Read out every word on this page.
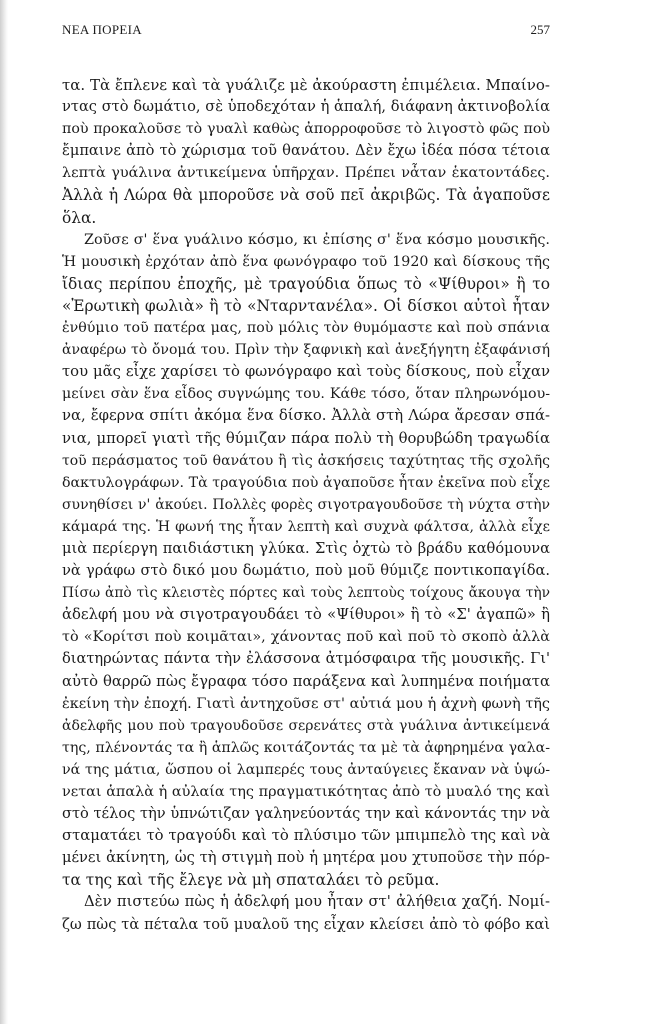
ΝΕΑ ΠΟΡΕΙΑ	257
τα. Τὰ ἔπλενε καὶ τὰ γυάλιζε μὲ ἀκούραστη ἐπιμέλεια. Μπαίνο-
ντας στὸ δωμάτιο, σὲ ὑποδεχόταν ἡ ἁπαλή, διάφανη ἀκτινοβολία
ποὺ προκαλοῦσε τὸ γυαλὶ καθὼς ἀπορροφοῦσε τὸ λιγοστὸ φῶς ποὺ
ἔμπαινε ἀπὸ τὸ χώρισμα τοῦ θανάτου. Δὲν ἔχω ἰδέα πόσα τέτοια
λεπτὰ γυάλινα ἀντικείμενα ὑπῆρχαν. Πρέπει νἆταν ἑκατοντάδες.
Ἀλλὰ ἡ Λώρα θὰ μποροῦσε νὰ σοῦ πεῖ ἀκριβῶς. Τὰ ἀγαποῦσε
ὅλα.
Ζοῦσε σ' ἕνα γυάλινο κόσμο, κι ἐπίσης σ' ἕνα κόσμο μουσικῆς.
Ἡ μουσικὴ ἐρχόταν ἀπὸ ἕνα φωνόγραφο τοῦ 1920 καὶ δίσκους τῆς
ἴδιας περίπου ἐποχῆς, μὲ τραγούδια ὅπως τὸ «Ψίθυροι» ἢ το
«Ἐρωτικὴ φωλιὰ» ἢ τὸ «Νταρντανέλα». Οἱ δίσκοι αὐτοὶ ἦταν
ἐνθύμιο τοῦ πατέρα μας, ποὺ μόλις τὸν θυμόμαστε καὶ ποὺ σπάνια
ἀναφέρω τὸ ὄνομά του. Πρὶν τὴν ξαφνικὴ καὶ ἀνεξήγητη ἐξαφάνισή
του μᾶς εἶχε χαρίσει τὸ φωνόγραφο καὶ τοὺς δίσκους, ποὺ εἶχαν
μείνει σὰν ἕνα εἶδος συγνώμης του. Κάθε τόσο, ὅταν πληρωνόμου-
να, ἔφερνα σπίτι ἀκόμα ἕνα δίσκο. Ἀλλὰ στὴ Λώρα ἄρεσαν σπά-
νια, μπορεῖ γιατὶ τῆς θύμιζαν πάρα πολὺ τὴ θορυβώδη τραγωδία
τοῦ περάσματος τοῦ θανάτου ἢ τὶς ἀσκήσεις ταχύτητας τῆς σχολῆς
δακτυλογράφων. Τὰ τραγούδια ποὺ ἀγαποῦσε ἦταν ἐκεῖνα ποὺ εἶχε
συνηθίσει ν' ἀκούει. Πολλὲς φορὲς σιγοτραγουδοῦσε τὴ νύχτα στὴν
κάμαρά της. Ἡ φωνή της ἦταν λεπτὴ καὶ συχνὰ φάλτσα, ἀλλὰ εἶχε
μιὰ περίεργη παιδιάστικη γλύκα. Στὶς ὀχτὼ τὸ βράδυ καθόμουνα
νὰ γράφω στὸ δικό μου δωμάτιο, ποὺ μοῦ θύμιζε ποντικοπαγίδα.
Πίσω ἀπὸ τὶς κλειστὲς πόρτες καὶ τοὺς λεπτοὺς τοίχους ἄκουγα τὴν
ἀδελφή μου νὰ σιγοτραγουδάει τὸ «Ψίθυροι» ἢ τὸ «Σ' ἀγαπῶ» ἢ
τὸ «Κορίτσι ποὺ κοιμᾶται», χάνοντας ποῦ καὶ ποῦ τὸ σκοπὸ ἀλλὰ
διατηρώντας πάντα τὴν ἐλάσσονα ἀτμόσφαιρα τῆς μουσικῆς. Γι'
αὐτὸ θαρρῶ πὼς ἔγραφα τόσο παράξενα καὶ λυπημένα ποιήματα
ἐκείνη τὴν ἐποχή. Γιατὶ ἀντηχοῦσε στ' αὐτιά μου ἡ ἀχνὴ φωνὴ τῆς
ἀδελφῆς μου ποὺ τραγουδοῦσε σερενάτες στὰ γυάλινα ἀντικείμενά
της, πλένοντάς τα ἢ ἁπλῶς κοιτάζοντάς τα μὲ τὰ ἀφηρημένα γαλα-
νά της μάτια, ὥσπου οἱ λαμπερές τους ἀνταύγειες ἔκαναν νὰ ὑψώ-
νεται ἁπαλὰ ἡ αὐλαία της πραγματικότητας ἀπὸ τὸ μυαλό της καὶ
στὸ τέλος τὴν ὑπνώτιζαν γαληνεύοντάς την καὶ κάνοντάς την νὰ
σταματάει τὸ τραγούδι καὶ τὸ πλύσιμο τῶν μπιμπελὸ της καὶ νὰ
μένει ἀκίνητη, ὡς τὴ στιγμὴ ποὺ ἡ μητέρα μου χτυποῦσε τὴν πόρ-
τα της καὶ τῆς ἔλεγε νὰ μὴ σπαταλάει τὸ ρεῦμα.
Δὲν πιστεύω πὼς ἡ ἀδελφή μου ἦταν στ' ἀλήθεια χαζή. Νομί-
ζω πὼς τὰ πέταλα τοῦ μυαλοῦ της εἶχαν κλείσει ἀπὸ τὸ φόβο καὶ
